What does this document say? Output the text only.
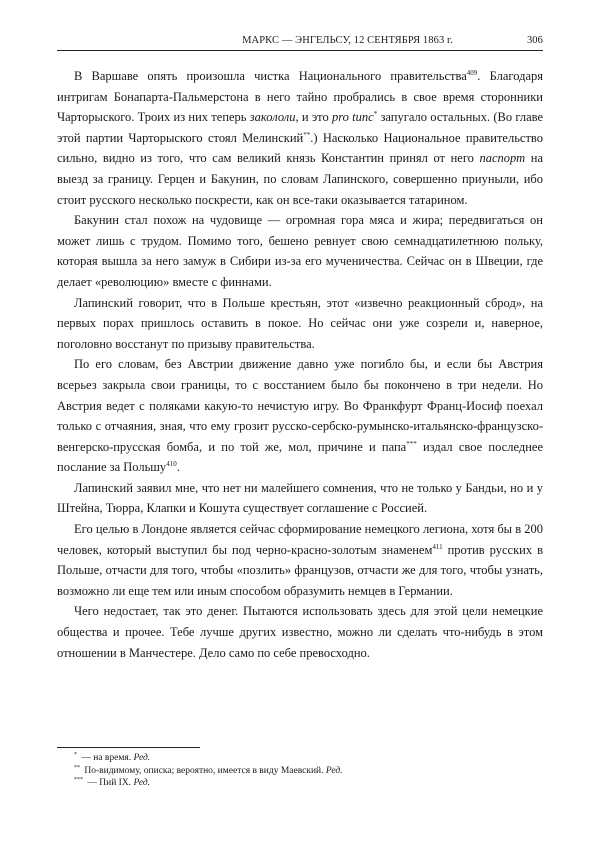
МАРКС — ЭНГЕЛЬСУ, 12 СЕНТЯБРЯ 1863 г.	306

В Варшаве опять произошла чистка Национального правительства$^{409}$. Благодаря интригам Бонапарта-Пальмерстона в него тайно пробрались в свое время сторонники Чарторыского. Троих из них теперь закололи, и это pro tunc* запугало остальных. (Во главе этой партии Чарторыского стоял Мелинский**.) Насколько Национальное правительство сильно, видно из того, что сам великий князь Константин принял от него паспорт на выезд за границу. Герцен и Бакунин, по словам Лапинского, совершенно приуныли, ибо стоит русского несколько поскрести, как он все-таки оказывается татарином.

Бакунин стал похож на чудовище — огромная гора мяса и жира; передвигаться он может лишь с трудом. Помимо того, бешено ревнует свою семнадцатилетнюю польку, которая вышла за него замуж в Сибири из-за его мученичества. Сейчас он в Швеции, где делает «революцию» вместе с финнами.

Лапинский говорит, что в Польше крестьян, этот «извечно реакционный сброд», на первых порах пришлось оставить в покое. Но сейчас они уже созрели и, наверное, поголовно восстанут по призыву правительства.

По его словам, без Австрии движение давно уже погибло бы, и если бы Австрия всерьез закрыла свои границы, то с восстанием было бы покончено в три недели. Но Австрия ведет с поляками какую-то нечистую игру. Во Франкфурт Франц-Иосиф поехал только с отчаяния, зная, что ему грозит русско-сербско-румынско-итальянско-французско-венгерско-прусская бомба, и по той же, мол, причине и папа*** издал свое последнее послание за Польшу$^{410}$.

Лапинский заявил мне, что нет ни малейшего сомнения, что не только у Бандьи, но и у Штейна, Тюрра, Клапки и Кошута существует соглашение с Россией.

Его целью в Лондоне является сейчас сформирование немецкого легиона, хотя бы в 200 человек, который выступил бы под черно-красно-золотым знаменем$^{411}$ против русских в Польше, отчасти для того, чтобы «позлить» французов, отчасти же для того, чтобы узнать, возможно ли еще тем или иным способом образумить немцев в Германии.

Чего недостает, так это денег. Пытаются использовать здесь для этой цели немецкие общества и прочее. Тебе лучше других известно, можно ли сделать что-нибудь в этом отношении в Манчестере. Дело само по себе превосходно.

* — на время. Ред.
** По-видимому, описка; вероятно, имеется в виду Маевский. Ред.
*** — Пий IX. Ред.
